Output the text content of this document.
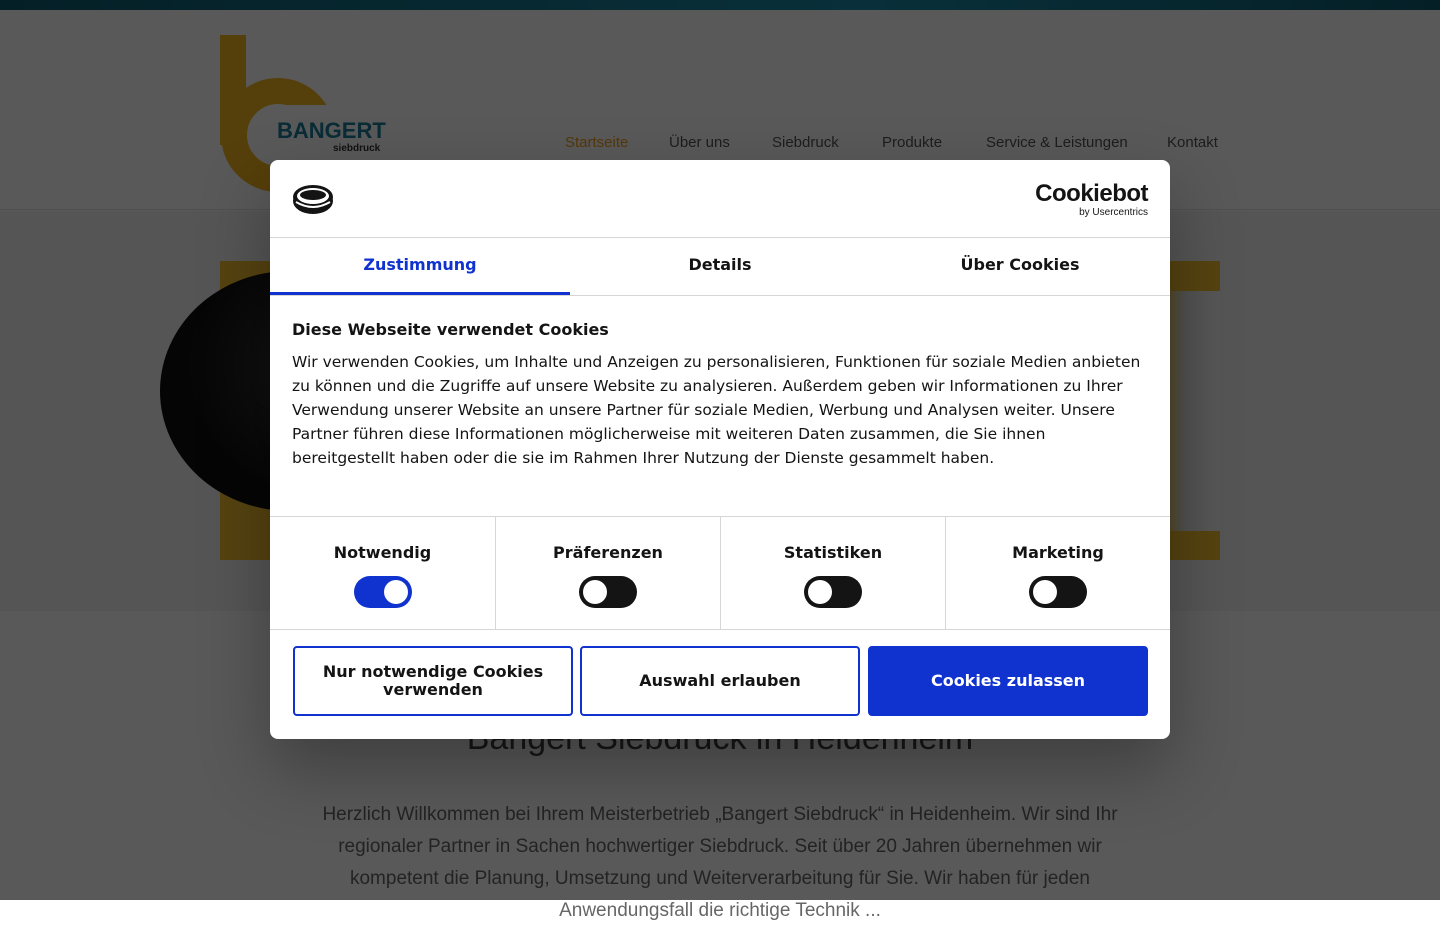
Anwendungsfall die richtige Technik ...

Cookiebot
by Usercentrics
Zustimmung	Details	Über Cookies
Diese Webseite verwendet Cookies

Wir verwenden Cookies, um Inhalte und Anzeigen zu personalisieren, Funktionen für soziale Medien anbieten zu können und die Zugriffe auf unsere Website zu analysieren. Außerdem geben wir Informationen zu Ihrer Verwendung unserer Website an unsere Partner für soziale Medien, Werbung und Analysen weiter. Unsere Partner führen diese Informationen möglicherweise mit weiteren Daten zusammen, die Sie ihnen bereitgestellt haben oder die sie im Rahmen Ihrer Nutzung der Dienste gesammelt haben.

Notwendig	Präferenzen	Statistiken	Marketing
Nur notwendige Cookies verwenden	Auswahl erlauben	Cookies zulassen
